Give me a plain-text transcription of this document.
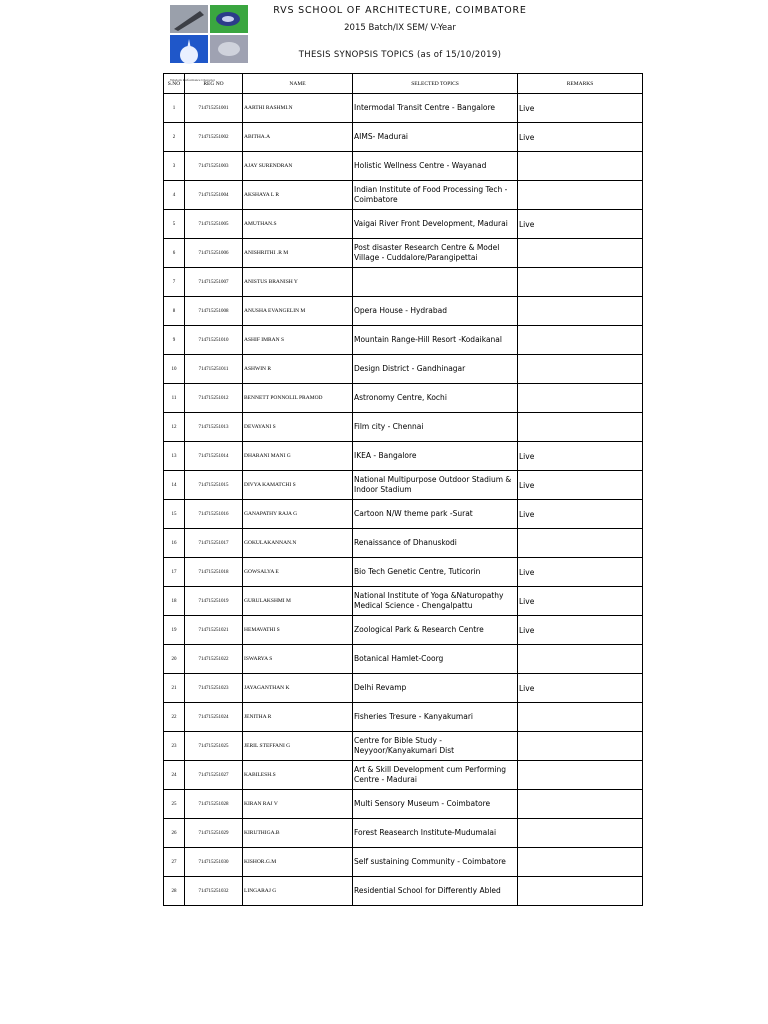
Wisdom Performance Character
RVS SCHOOL OF ARCHITECTURE, COIMBATORE
2015 Batch/IX SEM/ V-Year
THESIS SYNOPSIS TOPICS (as of 15/10/2019)
S.NO	REG NO	NAME	SELECTED TOPICS	REMARKS
1	714715251001	AARTHI RASHMI.N	Intermodal Transit Centre - Bangalore	Live
2	714715251002	ABITHA.A	AIMS- Madurai	Live
3	714715251003	AJAY SURENDRAN	Holistic Wellness Centre - Wayanad	
4	714715251004	AKSHAYA L R	Indian Institute of Food Processing Tech - Coimbatore	
5	714715251005	AMUTHAN.S	Vaigai River Front Development, Madurai	Live
6	714715251006	ANISHRITHI .R M	Post disaster Research Centre & Model Village - Cuddalore/Parangipettai	
7	714715251007	ANISTUS BRANISH Y		
8	714715251008	ANUSHA EVANGELIN M	Opera House - Hydrabad	
9	714715251010	ASHIF IMRAN S	Mountain Range-Hill Resort -Kodaikanal	
10	714715251011	ASHWIN R	Design District - Gandhinagar	
11	714715251012	BENNETT PONNOLIL PRAMOD	Astronomy Centre, Kochi	
12	714715251013	DEVAYANI S	Film city - Chennai	
13	714715251014	DHARANI MANI G	IKEA - Bangalore	Live
14	714715251015	DIVYA KAMATCHI S	National Multipurpose Outdoor Stadium & Indoor Stadium	Live
15	714715251016	GANAPATHY RAJA G	Cartoon N/W theme park -Surat	Live
16	714715251017	GOKULAKANNAN.N	Renaissance of Dhanuskodi	
17	714715251018	GOWSALYA E	Bio Tech Genetic Centre, Tuticorin	Live
18	714715251019	GURULAKSHMI M	National Institute of Yoga &Naturopathy Medical Science - Chengalpattu	Live
19	714715251021	HEMAVATHI S	Zoological Park & Research Centre	Live
20	714715251022	ISWARYA S	Botanical Hamlet-Coorg	
21	714715251023	JAYAGANTHAN K	Delhi Revamp	Live
22	714715251024	JENITHA R	Fisheries Tresure - Kanyakumari	
23	714715251025	JERIL STEFFANI G	Centre for Bible Study - Neyyoor/Kanyakumari Dist	
24	714715251027	KABILESH.S	Art & Skill Development cum Performing Centre - Madurai	
25	714715251028	KIRAN RAJ V	Multi Sensory Museum - Coimbatore	
26	714715251029	KIRUTHIGA.B	Forest Reasearch Institute-Mudumalai	
27	714715251030	KISHOR.G.M	Self sustaining Community - Coimbatore	
28	714715251032	LINGARAJ G	Residential School for Differently Abled	
